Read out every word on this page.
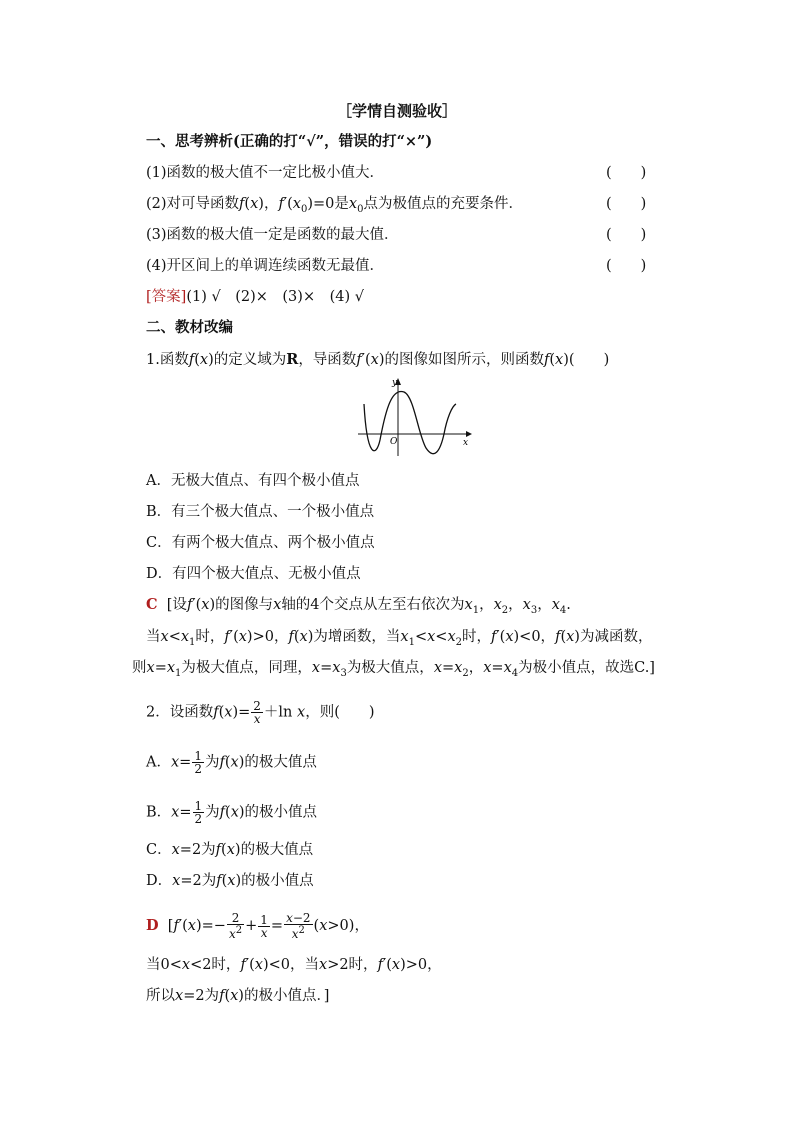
［学情自测验收］
一、思考辨析(正确的打“√”，错误的打“×”)
(1)函数的极大值不一定比极小值大．	(　　)
(2)对可导函数f(x)，$f'(x_0)=0$是$x_0$点为极值点的充要条件．	(　　)
(3)函数的极大值一定是函数的最大值．	(　　)
(4)开区间上的单调连续函数无最值．	(　　)
[答案](1) √　(2)×　(3)×　(4) √
二、教材改编
1.函数f(x)的定义域为R，导函数f′(x)的图像如图所示，则函数f(x)(　　)
y
x
O
A．无极大值点、有四个极小值点
B．有三个极大值点、一个极小值点
C．有两个极大值点、两个极小值点
D．有四个极大值点、无极小值点
C [设f′(x)的图像与x轴的4个交点从左至右依次为$x_1$，$x_2$，$x_3$，$x_4$.
当$x<x_1$时，f′(x)>0，f(x)为增函数，当$x_1<x<x_2$时，f′(x)<0，f(x)为减函数，
则$x=x_1$为极大值点，同理，$x=x_3$为极大值点，$x=x_2$，$x=x_4$为极小值点，故选C.]
2．设函数$f(x)= \frac{2}{x} +\ln$ x，则(　　)
A．$x= \frac{1}{2}$ 为f(x)的极大值点
B．$x= \frac{1}{2}$ 为f(x)的极小值点
C．x=2为f(x)的极大值点
D．x=2为f(x)的极小值点
D  [$f'(x)=- \frac{2}{x^2} + \frac{1}{x} = \frac{x-2}{x^2} (x>0)$，
当0<x<2时，f′(x)<0，当x>2时，f′(x)>0，
所以x=2为f(x)的极小值点．]
